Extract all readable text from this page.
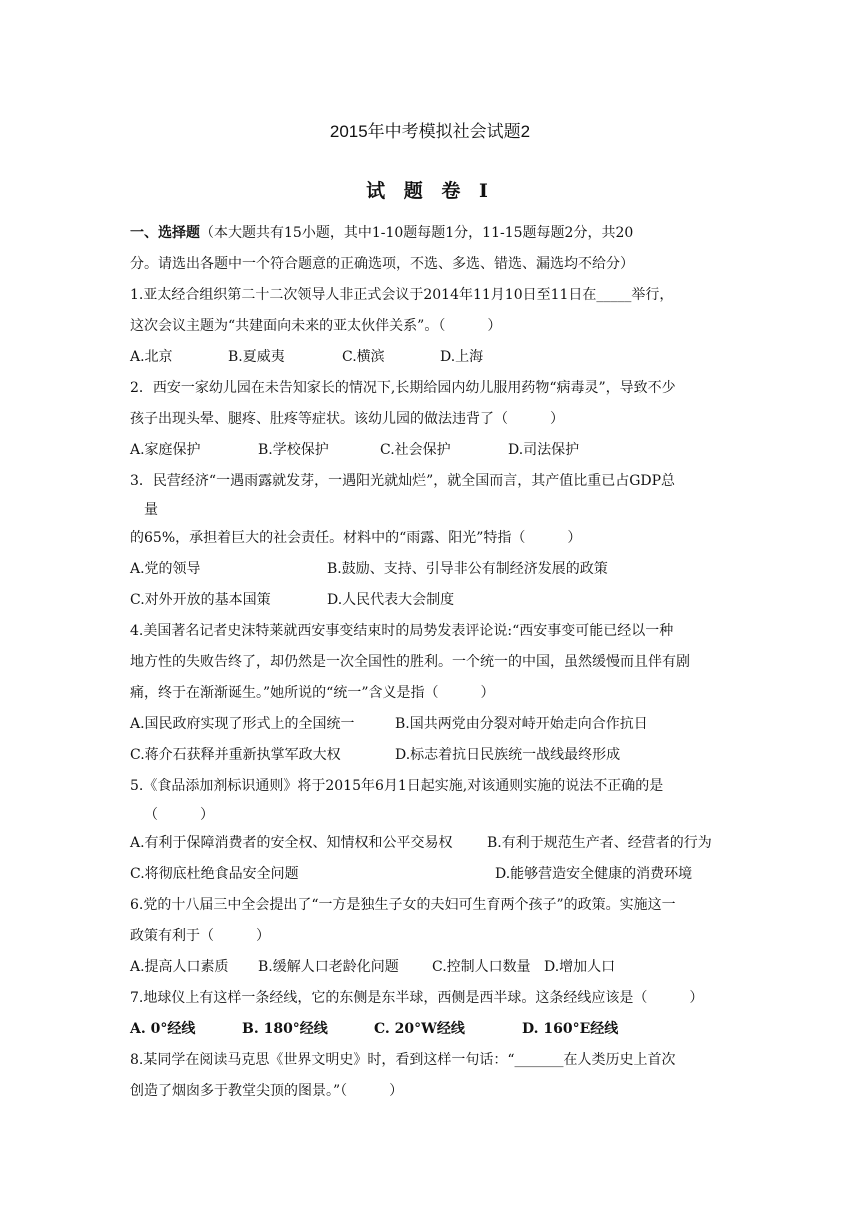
2015年中考模拟社会试题2
试 题 卷 Ⅰ
一、选择题（本大题共有15小题，其中1-10题每题1分，11-15题每题2分，共20
分。请选出各题中一个符合题意的正确选项，不选、多选、错选、漏选均不给分）
1.亚太经合组织第二十二次领导人非正式会议于2014年11月10日至11日在_____举行，
这次会议主题为“共建面向未来的亚太伙伴关系”。（　　　）
A.北京	B.夏威夷	C.横滨	D.上海
2．西安一家幼儿园在未告知家长的情况下,长期给园内幼儿服用药物“病毒灵”，导致不少
孩子出现头晕、腿疼、肚疼等症状。该幼儿园的做法违背了（　　　）
A.家庭保护	B.学校保护	C.社会保护	D.司法保护
3．民营经济“一遇雨露就发芽，一遇阳光就灿烂”，就全国而言，其产值比重已占GDP总
量
的65%，承担着巨大的社会责任。材料中的“雨露、阳光”特指（　　　）
A.党的领导	B.鼓励、支持、引导非公有制经济发展的政策
C.对外开放的基本国策	D.人民代表大会制度
4.美国著名记者史沫特莱就西安事变结束时的局势发表评论说:“西安事变可能已经以一种
地方性的失败告终了，却仍然是一次全国性的胜利。一个统一的中国，虽然缓慢而且伴有剧
痛，终于在渐渐诞生。”她所说的“统一”含义是指（　　　）
A.国民政府实现了形式上的全国统一	B.国共两党由分裂对峙开始走向合作抗日
C.蒋介石获释并重新执掌军政大权	D.标志着抗日民族统一战线最终形成
5.《食品添加剂标识通则》将于2015年6月1日起实施,对该通则实施的说法不正确的是
（　　　）
A.有利于保障消费者的安全权、知情权和公平交易权 B.有利于规范生产者、经营者的行为
C.将彻底杜绝食品安全问题	D.能够营造安全健康的消费环境
6.党的十八届三中全会提出了“一方是独生子女的夫妇可生育两个孩子”的政策。实施这一
政策有利于（　　　）
A.提高人口素质 B.缓解人口老龄化问题 C.控制人口数量 D.增加人口
7.地球仪上有这样一条经线，它的东侧是东半球，西侧是西半球。这条经线应该是（　　　）
A. 0°经线	B. 180°经线	C. 20°W经线	D. 160°E经线
8.某同学在阅读马克思《世界文明史》时，看到这样一句话：“_______在人类历史上首次
创造了烟囱多于教堂尖顶的图景。”（　　　）
